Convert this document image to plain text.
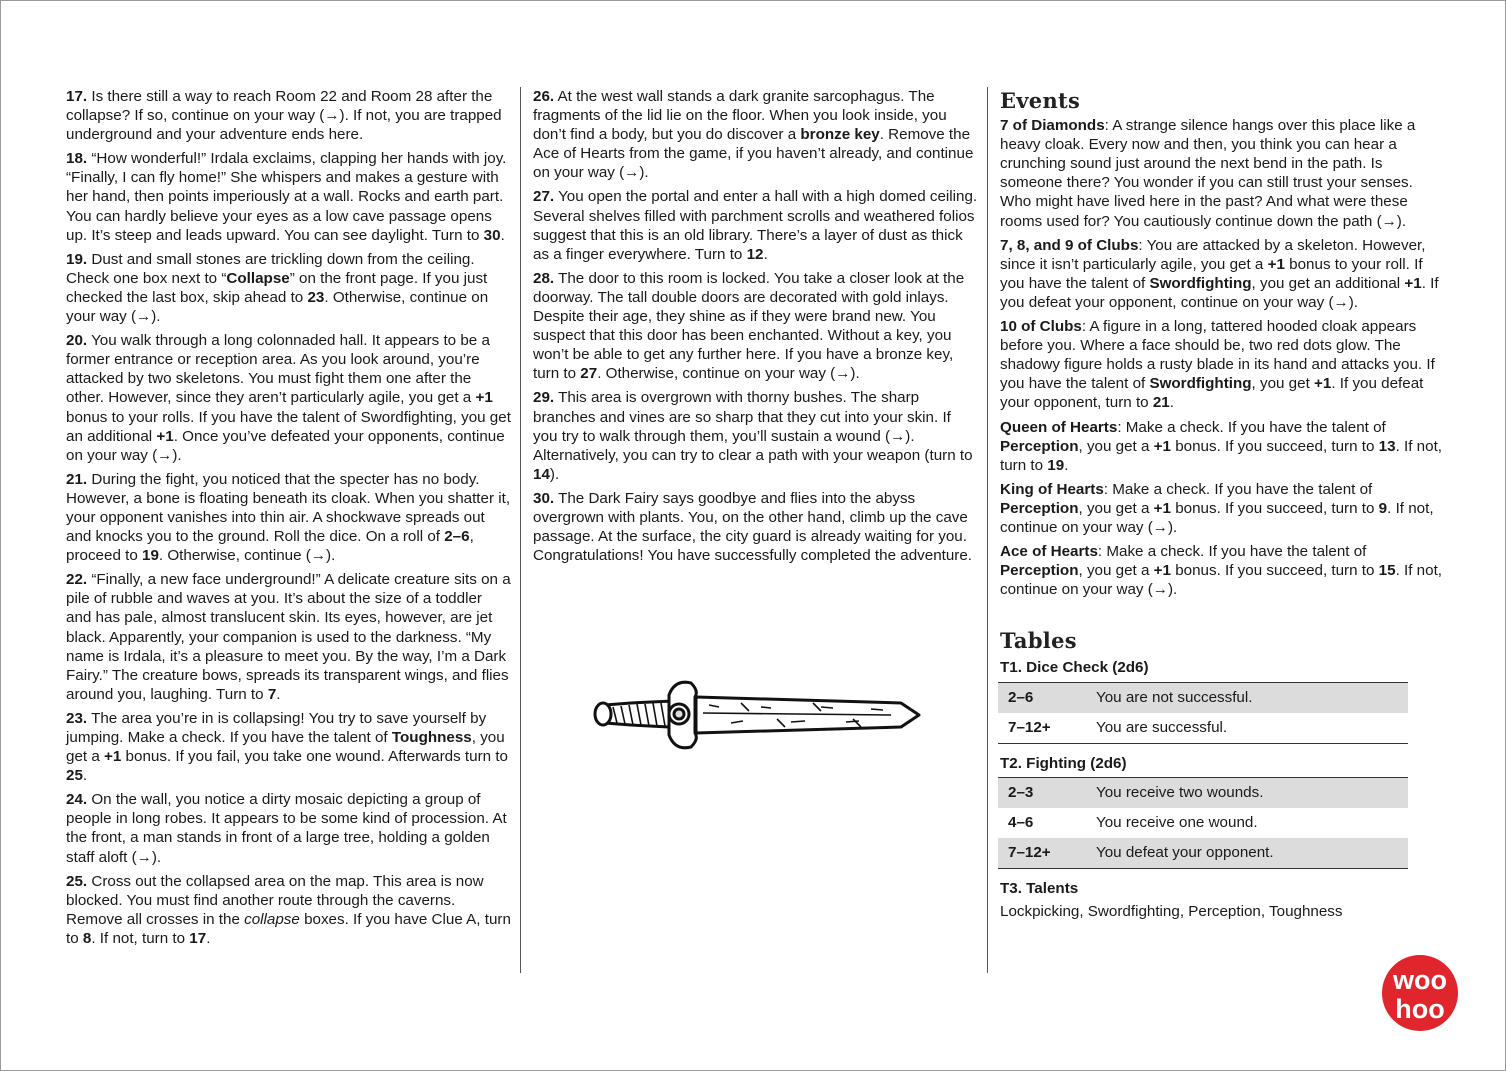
17. Is there still a way to reach Room 22 and Room 28 after the collapse? If so, continue on your way (→). If not, you are trapped underground and your adventure ends here.

18. “How wonderful!” Irdala exclaims, clapping her hands with joy. “Finally, I can fly home!” She whispers and makes a gesture with her hand, then points imperiously at a wall. Rocks and earth part. You can hardly believe your eyes as a low cave passage opens up. It’s steep and leads upward. You can see daylight. Turn to 30.

19. Dust and small stones are trickling down from the ceiling. Check one box next to “Collapse” on the front page. If you just checked the last box, skip ahead to 23. Otherwise, continue on your way (→).

20. You walk through a long colonnaded hall. It appears to be a former entrance or reception area. As you look around, you’re attacked by two skeletons. You must fight them one after the other. However, since they aren’t particularly agile, you get a +1 bonus to your rolls. If you have the talent of Swordfighting, you get an additional +1. Once you’ve defeated your opponents, continue on your way (→).

21. During the fight, you noticed that the specter has no body. However, a bone is floating beneath its cloak. When you shatter it, your opponent vanishes into thin air. A shockwave spreads out and knocks you to the ground. Roll the dice. On a roll of 2–6, proceed to 19. Otherwise, continue (→).

22. “Finally, a new face underground!” A delicate creature sits on a pile of rubble and waves at you. It’s about the size of a toddler and has pale, almost translucent skin. Its eyes, however, are jet black. Apparently, your companion is used to the darkness. “My name is Irdala, it’s a pleasure to meet you. By the way, I’m a Dark Fairy.” The creature bows, spreads its transparent wings, and flies around you, laughing. Turn to 7.

23. The area you’re in is collapsing! You try to save yourself by jumping. Make a check. If you have the talent of Toughness, you get a +1 bonus. If you fail, you take one wound. Afterwards turn to 25.

24. On the wall, you notice a dirty mosaic depicting a group of people in long robes. It appears to be some kind of procession. At the front, a man stands in front of a large tree, holding a golden staff aloft (→).

25. Cross out the collapsed area on the map. This area is now blocked. You must find another route through the caverns. Remove all crosses in the collapse boxes. If you have Clue A, turn to 8. If not, turn to 17.

26. At the west wall stands a dark granite sarcophagus. The fragments of the lid lie on the floor. When you look inside, you don’t find a body, but you do discover a bronze key. Remove the Ace of Hearts from the game, if you haven’t already, and continue on your way (→).

27. You open the portal and enter a hall with a high domed ceiling. Several shelves filled with parchment scrolls and weathered folios suggest that this is an old library. There’s a layer of dust as thick as a finger everywhere. Turn to 12.

28. The door to this room is locked. You take a closer look at the doorway. The tall double doors are decorated with gold inlays. Despite their age, they shine as if they were brand new. You suspect that this door has been enchanted. Without a key, you won’t be able to get any further here. If you have a bronze key, turn to 27. Otherwise, continue on your way (→).

29. This area is overgrown with thorny bushes. The sharp branches and vines are so sharp that they cut into your skin. If you try to walk through them, you’ll sustain a wound (→). Alternatively, you can try to clear a path with your weapon (turn to 14).

30. The Dark Fairy says goodbye and flies into the abyss overgrown with plants. You, on the other hand, climb up the cave passage. At the surface, the city guard is already waiting for you. Congratulations! You have successfully completed the adventure.

Events

7 of Diamonds: A strange silence hangs over this place like a heavy cloak. Every now and then, you think you can hear a crunching sound just around the next bend in the path. Is someone there? You wonder if you can still trust your senses. Who might have lived here in the past? And what were these rooms used for? You cautiously continue down the path (→).

7, 8, and 9 of Clubs: You are attacked by a skeleton. However, since it isn’t particularly agile, you get a +1 bonus to your roll. If you have the talent of Swordfighting, you get an additional +1. If you defeat your opponent, continue on your way (→).

10 of Clubs: A figure in a long, tattered hooded cloak appears before you. Where a face should be, two red dots glow. The shadowy figure holds a rusty blade in its hand and attacks you. If you have the talent of Swordfighting, you get +1. If you defeat your opponent, turn to 21.

Queen of Hearts: Make a check. If you have the talent of Perception, you get a +1 bonus. If you succeed, turn to 13. If not, turn to 19.

King of Hearts: Make a check. If you have the talent of Perception, you get a +1 bonus. If you succeed, turn to 9. If not, continue on your way (→).

Ace of Hearts: Make a check. If you have the talent of Perception, you get a +1 bonus. If you succeed, turn to 15. If not, continue on your way (→).

Tables
T1. Dice Check (2d6)
2–6	You are not successful.
7–12+	You are successful.
T2. Fighting (2d6)
2–3	You receive two wounds.
4–6	You receive one wound.
7–12+	You defeat your opponent.
T3. Talents
Lockpicking, Swordfighting, Perception, Toughness
woo
hoo
